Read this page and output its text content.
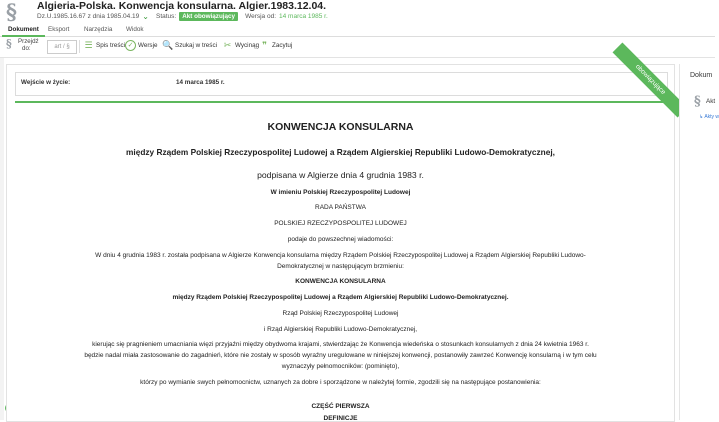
§	Algieria-Polska. Konwencja konsularna. Algier.1983.12.04.
Dz.U.1985.16.67 z dnia 1985.04.19 ⌄ Status: Akt obowiązujący	Wersja od: 14 marca 1985 r.
Dokument	Eksport	Narzędzia	Widok
§ Przejdź
do:	art / §	☰ Spis treści ✓ Wersje 🔍 Szukaj w treści ✂ Wycinąg ❞ Zacytuj
Wejście w życie:	14 marca 1985 r.	obowiązujące
KONWENCJA KONSULARNA
między Rządem Polskiej Rzeczypospolitej Ludowej a Rządem Algierskiej Republiki Ludowo-Demokratycznej,
podpisana w Algierze dnia 4 grudnia 1983 r.
W imieniu Polskiej Rzeczypospolitej Ludowej
RADA PAŃSTWA
POLSKIEJ RZECZYPOSPOLITEJ LUDOWEJ
podaje do powszechnej wiadomości:
W dniu 4 grudnia 1983 r. została podpisana w Algierze Konwencja konsularna między Rządem Polskiej Rzeczypospolitej Ludowej a Rządem Algierskiej Republiki Ludowo-
Demokratycznej w następującym brzmieniu:
KONWENCJA KONSULARNA
między Rządem Polskiej Rzeczypospolitej Ludowej a Rządem Algierskiej Republiki Ludowo-Demokratycznej.
Rząd Polskiej Rzeczypospolitej Ludowej
i Rząd Algierskiej Republiki Ludowo-Demokratycznej,
kierując się pragnieniem umacniania więzi przyjaźni między obydwoma krajami, stwierdzając że Konwencja wiedeńska o stosunkach konsularnych z dnia 24 kwietnia 1963 r.
będzie nadal miała zastosowanie do zagadnień, które nie zostały w sposób wyraźny uregulowane w niniejszej konwencji, postanowiły zawrzeć Konwencję konsularną i w tym celu
wyznaczyły pełnomocników: (pominięto),
którzy po wymianie swych pełnomocnictw, uznanych za dobre i sporządzone w należytej formie, zgodzili się na następujące postanowienia:
CZĘŚĆ PIERWSZA
DEFINICJE
Dokum
§ Akt
↳ Akty w
